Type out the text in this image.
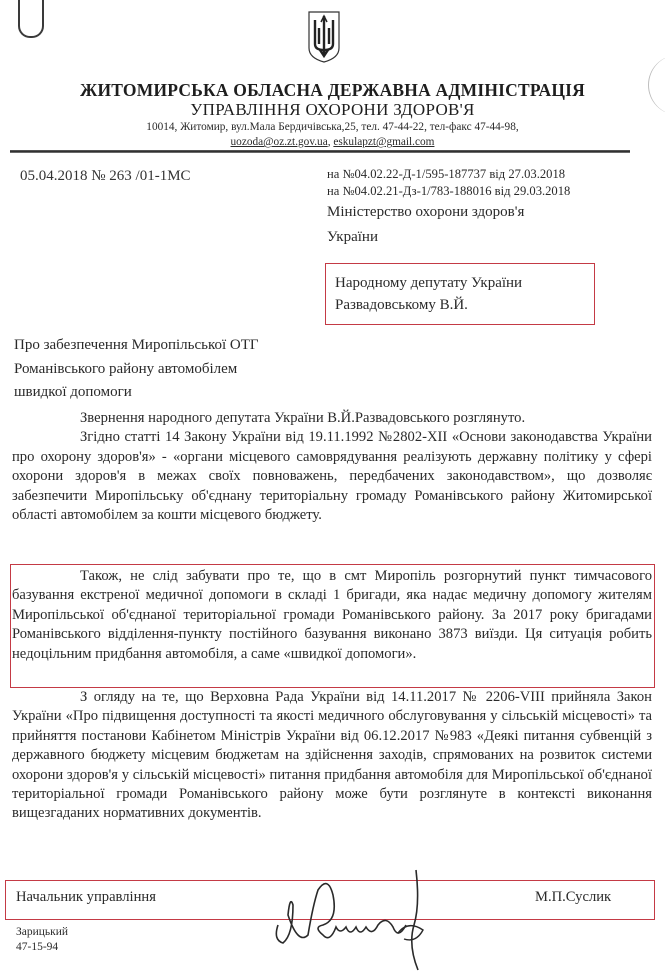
ЖИТОМИРСЬКА ОБЛАСНА ДЕРЖАВНА АДМІНІСТРАЦІЯ
УПРАВЛІННЯ ОХОРОНИ ЗДОРОВ'Я
10014, Житомир, вул.Мала Бердичівська,25, тел. 47-44-22, тел-факс 47-44-98,
uozoda@oz.zt.gov.ua, eskulapzt@gmail.com
05.04.2018 № 263 /01-1МС	на №04.02.22-Д-1/595-187737 від 27.03.2018
на №04.02.21-Дз-1/783-188016 від 29.03.2018
Міністерство охорони здоров'я
України
Народному депутату України
Развадовському В.Й.
Про забезпечення Миропільської ОТГ
Романівського району автомобілем
швидкої допомоги

Звернення народного депутата України В.Й.Развадовського розглянуто.

Згідно статті 14 Закону України від 19.11.1992 №2802-XII «Основи законодавства України про охорону здоров'я» - «органи місцевого самоврядування реалізують державну політику у сфері охорони здоров'я в межах своїх повноважень, передбачених законодавством», що дозволяє забезпечити Миропільську об'єднану територіальну громаду Романівського району Житомирської області автомобілем за кошти місцевого бюджету.

Також, не слід забувати про те, що в смт Миропіль розгорнутий пункт тимчасового базування екстреної медичної допомоги в складі 1 бригади, яка надає медичну допомогу жителям Миропільської об'єднаної територіальної громади Романівського району. За 2017 року бригадами Романівського відділення-пункту постійного базування виконано 3873 виїзди. Ця ситуація робить недоцільним придбання автомобіля, а саме «швидкої допомоги».

З огляду на те, що Верховна Рада України від 14.11.2017 № 2206-VIII прийняла Закон України «Про підвищення доступності та якості медичного обслуговування у сільській місцевості» та прийняття постанови Кабінетом Міністрів України від 06.12.2017 №983 «Деякі питання субвенцій з державного бюджету місцевим бюджетам на здійснення заходів, спрямованих на розвиток системи охорони здоров'я у сільській місцевості» питання придбання автомобіля для Миропільської об'єднаної територіальної громади Романівського району може бути розглянуте в контексті виконання вищезгаданих нормативних документів.

Начальник управління	М.П.Суслик
Зарицький
47-15-94
